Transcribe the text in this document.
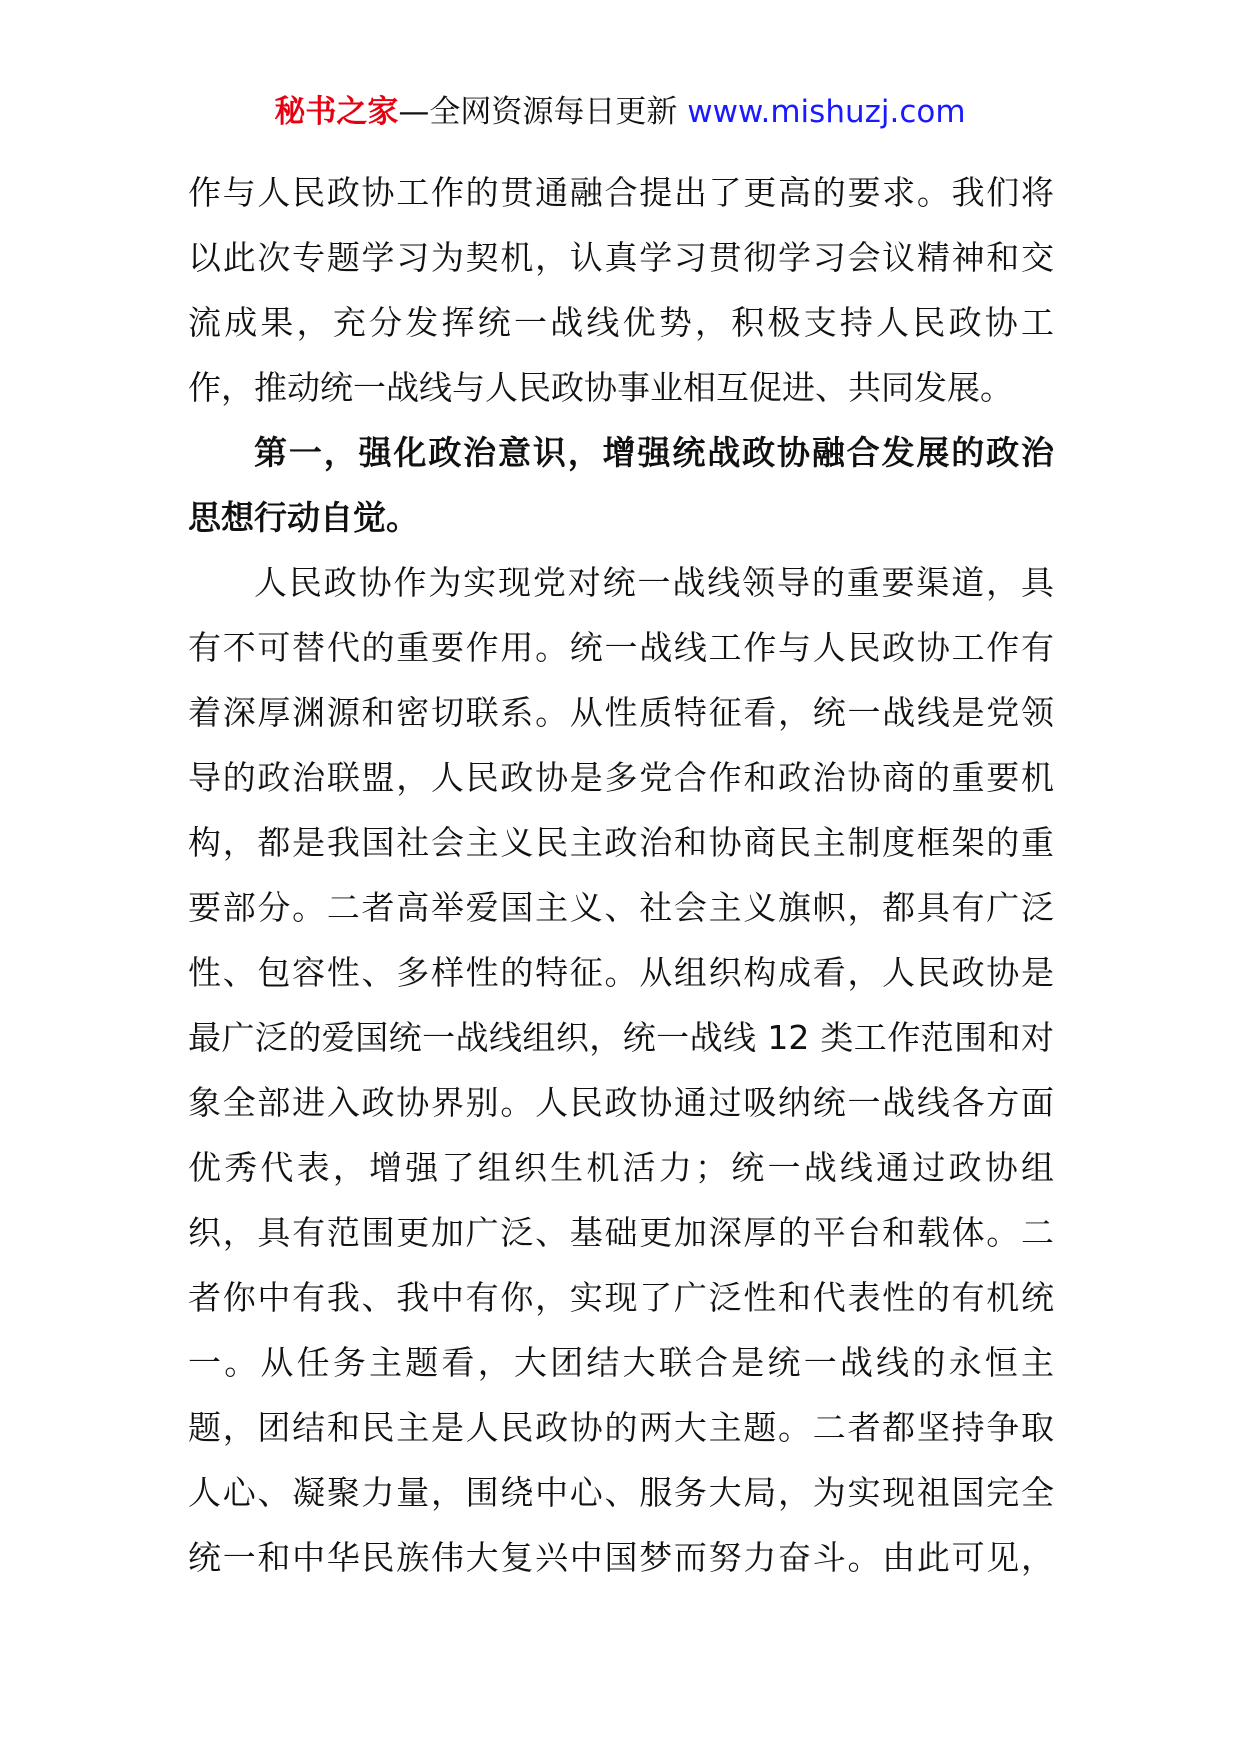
秘书之家—全网资源每日更新 www.mishuzj.com
作与人民政协工作的贯通融合提出了更高的要求。我们将
以此次专题学习为契机，认真学习贯彻学习会议精神和交
流成果，充分发挥统一战线优势，积极支持人民政协工
作，推动统一战线与人民政协事业相互促进、共同发展。
第一，强化政治意识，增强统战政协融合发展的政治
思想行动自觉。
人民政协作为实现党对统一战线领导的重要渠道，具
有不可替代的重要作用。统一战线工作与人民政协工作有
着深厚渊源和密切联系。从性质特征看，统一战线是党领
导的政治联盟，人民政协是多党合作和政治协商的重要机
构，都是我国社会主义民主政治和协商民主制度框架的重
要部分。二者高举爱国主义、社会主义旗帜，都具有广泛
性、包容性、多样性的特征。从组织构成看，人民政协是
最广泛的爱国统一战线组织，统一战线 12 类工作范围和对
象全部进入政协界别。人民政协通过吸纳统一战线各方面
优秀代表，增强了组织生机活力；统一战线通过政协组
织，具有范围更加广泛、基础更加深厚的平台和载体。二
者你中有我、我中有你，实现了广泛性和代表性的有机统
一。从任务主题看，大团结大联合是统一战线的永恒主
题，团结和民主是人民政协的两大主题。二者都坚持争取
人心、凝聚力量，围绕中心、服务大局，为实现祖国完全
统一和中华民族伟大复兴中国梦而努力奋斗。由此可见，
